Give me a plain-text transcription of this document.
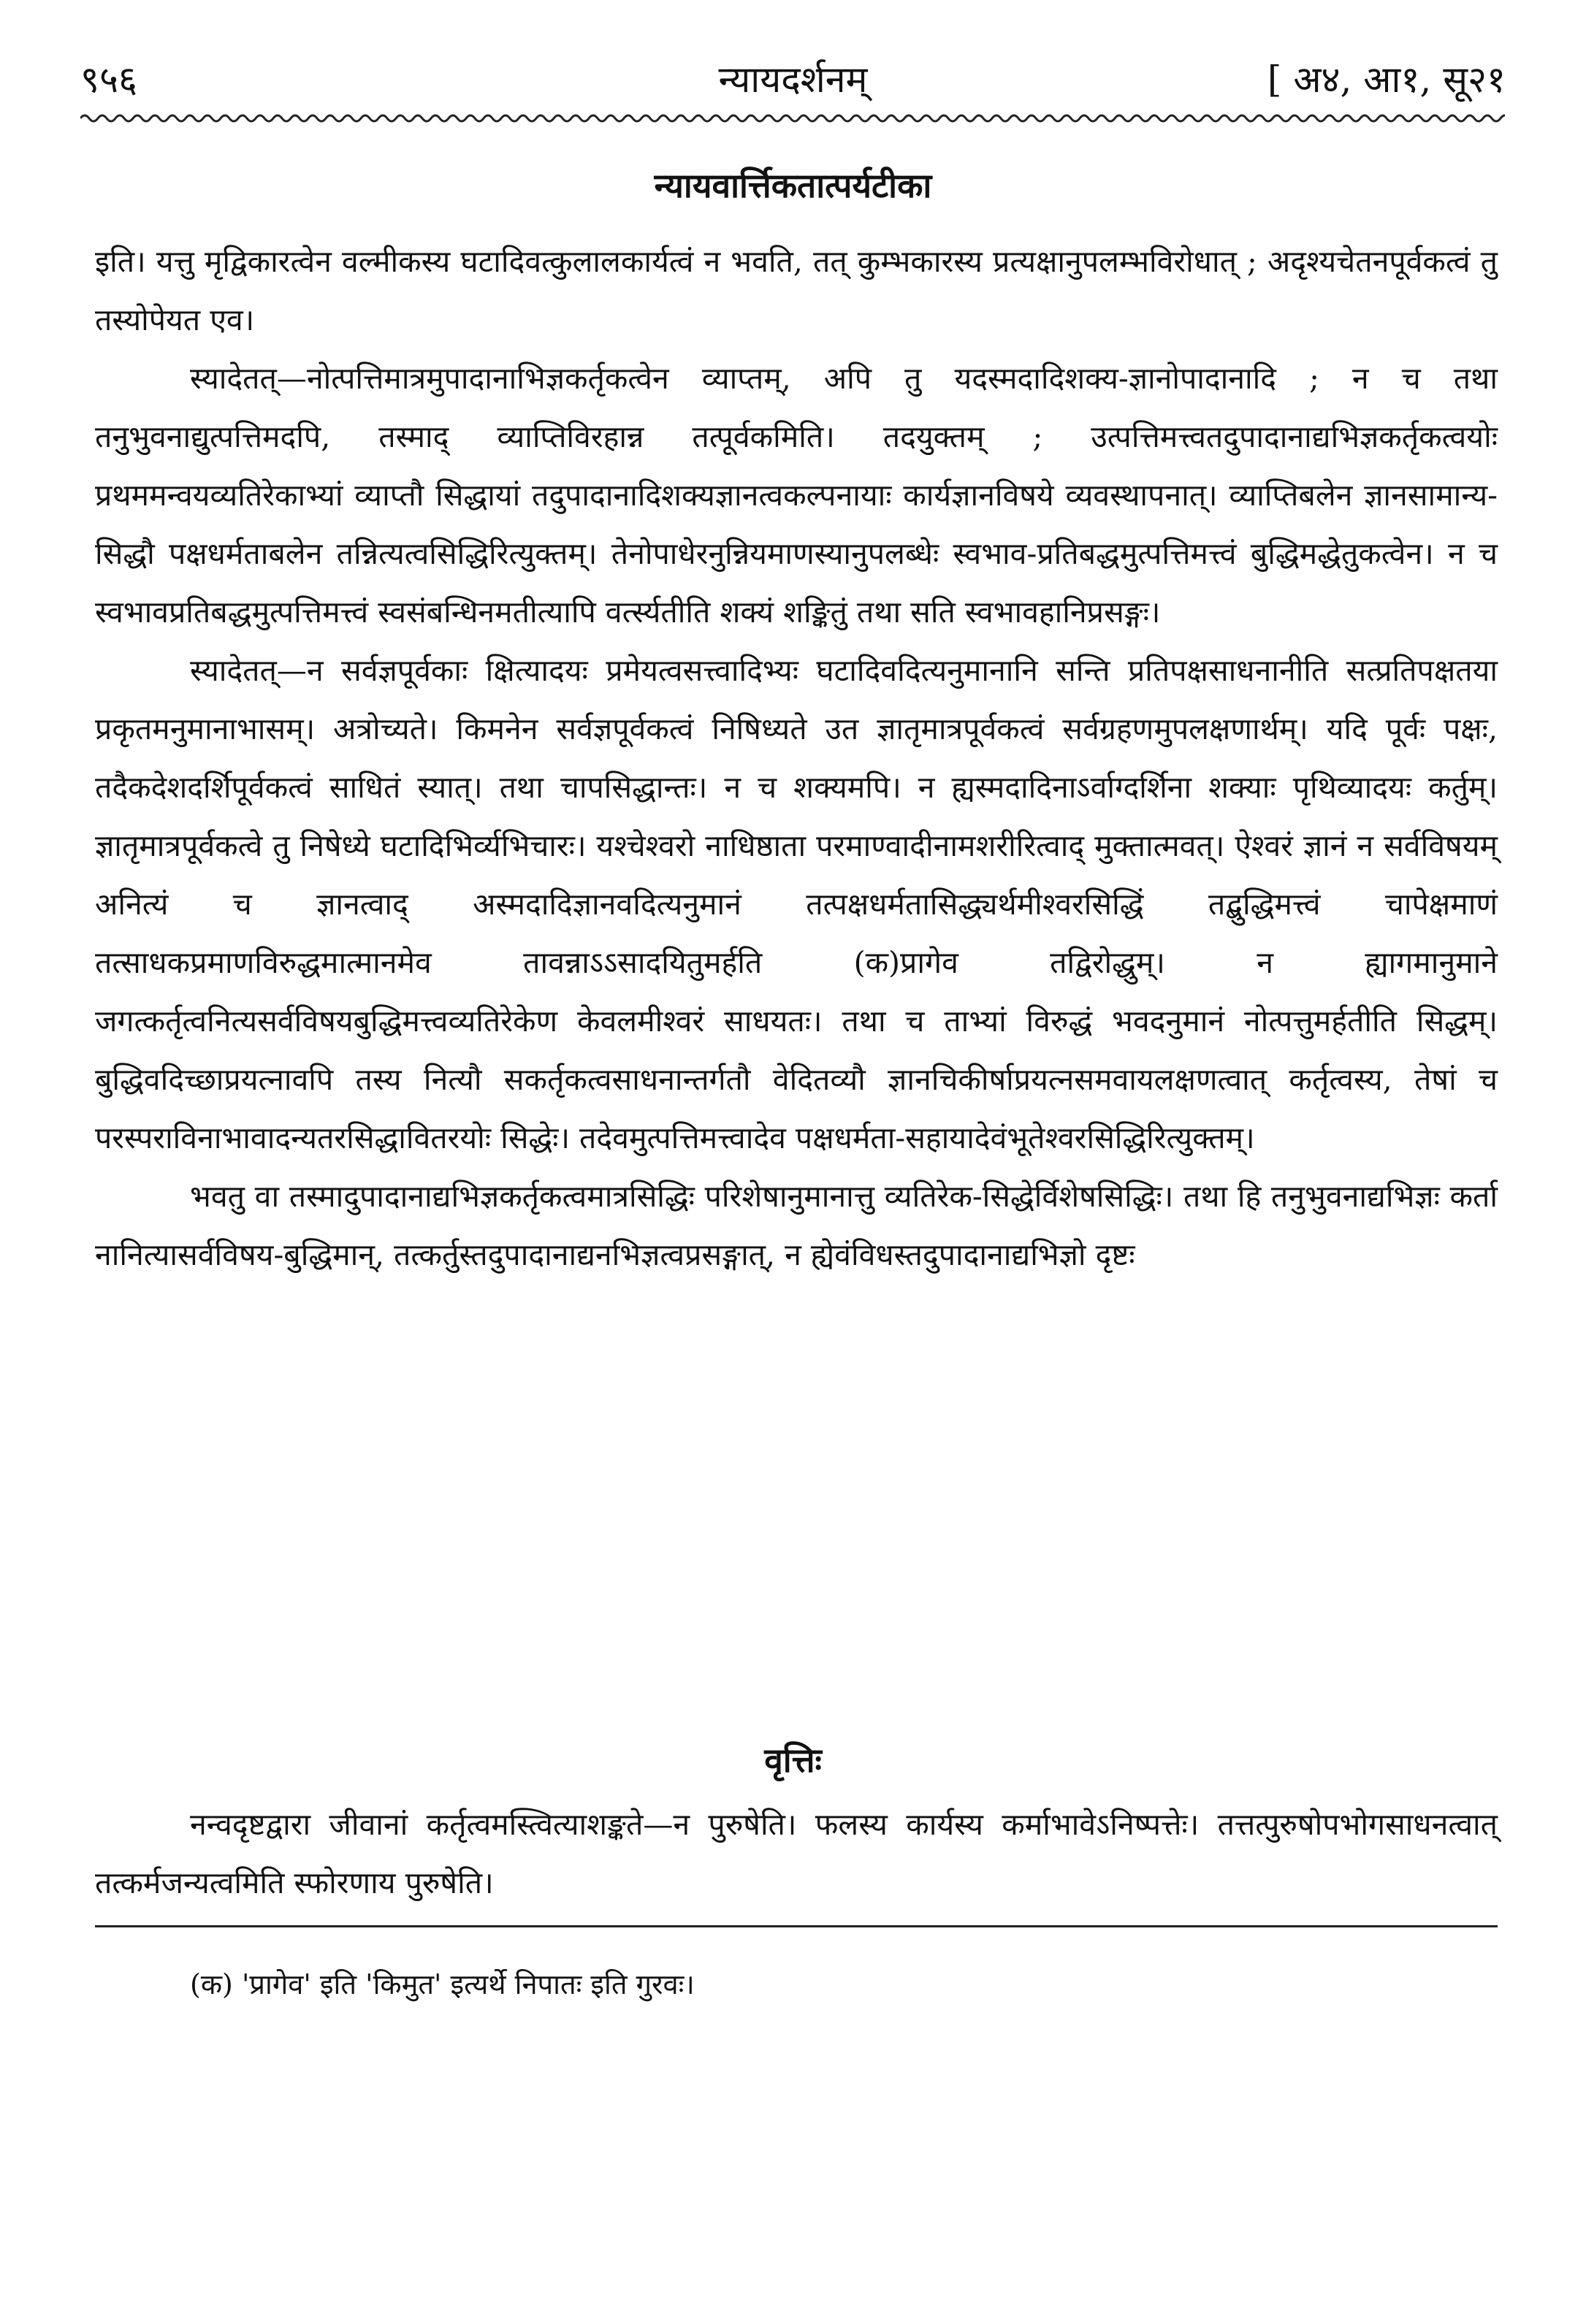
९५६	न्यायदर्शनम्	[ अ४, आ१, सू२१
न्यायवार्त्तिकतात्पर्यटीका

इति। यत्तु मृद्विकारत्वेन वल्मीकस्य घटादिवत्कुलालकार्यत्वं न भवति, तत् कुम्भकारस्य प्रत्यक्षानुपलम्भविरोधात् ; अदृश्यचेतनपूर्वकत्वं तु तस्योपेयत एव।

स्यादेतत्—नोत्पत्तिमात्रमुपादानाभिज्ञकर्तृकत्वेन व्याप्तम्, अपि तु यदस्मदादिशक्य-ज्ञानोपादानादि ; न च तथा तनुभुवनाद्युत्पत्तिमदपि, तस्माद् व्याप्तिविरहान्न तत्पूर्वकमिति। तदयुक्तम् ; उत्पत्तिमत्त्वतदुपादानाद्यभिज्ञकर्तृकत्वयोः प्रथममन्वयव्यतिरेकाभ्यां व्याप्तौ सिद्धायां तदुपादानादिशक्यज्ञानत्वकल्पनायाः कार्यज्ञानविषये व्यवस्थापनात्। व्याप्तिबलेन ज्ञानसामान्य-सिद्धौ पक्षधर्मताबलेन तन्नित्यत्वसिद्धिरित्युक्तम्। तेनोपाधेरनुन्नियमाणस्यानुपलब्धेः स्वभाव-प्रतिबद्धमुत्पत्तिमत्त्वं बुद्धिमद्धेतुकत्वेन। न च स्वभावप्रतिबद्धमुत्पत्तिमत्त्वं स्वसंबन्धिनमतीत्यापि वर्त्स्यतीति शक्यं शङ्कितुं तथा सति स्वभावहानिप्रसङ्गः।

स्यादेतत्—न सर्वज्ञपूर्वकाः क्षित्यादयः प्रमेयत्वसत्त्वादिभ्यः घटादिवदित्यनुमानानि सन्ति प्रतिपक्षसाधनानीति सत्प्रतिपक्षतया प्रकृतमनुमानाभासम्। अत्रोच्यते। किमनेन सर्वज्ञपूर्वकत्वं निषिध्यते उत ज्ञातृमात्रपूर्वकत्वं सर्वग्रहणमुपलक्षणार्थम्। यदि पूर्वः पक्षः, तदैकदेशदर्शिपूर्वकत्वं साधितं स्यात्। तथा चापसिद्धान्तः। न च शक्यमपि। न ह्यस्मदादिनाऽर्वाग्दर्शिना शक्याः पृथिव्यादयः कर्तुम्। ज्ञातृमात्रपूर्वकत्वे तु निषेध्ये घटादिभिर्व्यभिचारः। यश्चेश्वरो नाधिष्ठाता परमाण्वादीनामशरीरित्वाद् मुक्तात्मवत्। ऐश्वरं ज्ञानं न सर्वविषयम् अनित्यं च ज्ञानत्वाद् अस्मदादिज्ञानवदित्यनुमानं तत्पक्षधर्मतासिद्ध्यर्थमीश्वरसिद्धिं तद्बुद्धिमत्त्वं चापेक्षमाणं तत्साधकप्रमाणविरुद्धमात्मानमेव तावन्नाऽऽसादयितुमर्हति (क)प्रागेव तद्विरोद्धुम्। न ह्यागमानुमाने जगत्कर्तृत्वनित्यसर्वविषयबुद्धिमत्त्वव्यतिरेकेण केवलमीश्वरं साधयतः। तथा च ताभ्यां विरुद्धं भवदनुमानं नोत्पत्तुमर्हतीति सिद्धम्। बुद्धिवदिच्छाप्रयत्नावपि तस्य नित्यौ सकर्तृकत्वसाधनान्तर्गतौ वेदितव्यौ ज्ञानचिकीर्षाप्रयत्नसमवायलक्षणत्वात् कर्तृत्वस्य, तेषां च परस्पराविनाभावादन्यतरसिद्धावितरयोः सिद्धेः। तदेवमुत्पत्तिमत्त्वादेव पक्षधर्मता-सहायादेवंभूतेश्वरसिद्धिरित्युक्तम्।

भवतु वा तस्मादुपादानाद्यभिज्ञकर्तृकत्वमात्रसिद्धिः परिशेषानुमानात्तु व्यतिरेक-सिद्धेर्विशेषसिद्धिः। तथा हि तनुभुवनाद्यभिज्ञः कर्ता नानित्यासर्वविषय-बुद्धिमान्, तत्कर्तुस्तदुपादानाद्यनभिज्ञत्वप्रसङ्गात्, न ह्येवंविधस्तदुपादानाद्यभिज्ञो दृष्टः

वृत्तिः

नन्वदृष्टद्वारा जीवानां कर्तृत्वमस्त्वित्याशङ्कते—न पुरुषेति। फलस्य कार्यस्य कर्माभावेऽनिष्पत्तेः। तत्तत्पुरुषोपभोगसाधनत्वात् तत्कर्मजन्यत्वमिति स्फोरणाय पुरुषेति।

(क) 'प्रागेव' इति 'किमुत' इत्यर्थे निपातः इति गुरवः।
